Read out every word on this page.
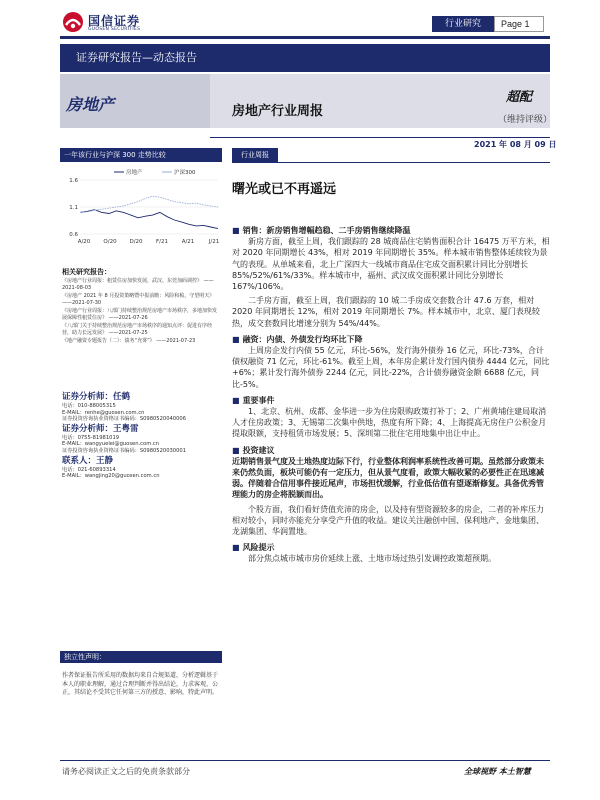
国信证券
GUOSEN SECURITIES
行业研究	Page 1
证券研究报告—动态报告
房地产	房地产行业周报
超配
（维持评级）
2021 年 08 月 09 日
一年该行业与沪深 300 走势比较
1.6
1.1
0.6
A/20 O/20 D/20 F/21 A/21	J/21
房地产	沪深300
相关研究报告：
《房地产行业周报：租赁住房加快发展，武汉、东莞加码调控》 ——2021-08-03
《房地产 2021 年 8 月投资策略暨中报前瞻：风险和梳，守望明天》 ——2021-07-30
《房地产行业周报：八部门持续整治规范房地产市场秩序，多地加快发展保障性租赁住房》 ——2021-07-26
《八部门关于持续整治规范房地产市场秩序的通知点评：促进有序经营，助力长远发展》 ——2021-07-25
《地产融资专题报告（二）：债务“充雾”》 ——2021-07-23
证券分析师：任鹤
电话：010-88005315
E-MAIL：renhe@guosen.com.cn
证券投资咨询执业资格证书编码：S0980520040006
证券分析师：王粤雷
电话：0755-81981019
E-MAIL：wangyuelei@guosen.com.cn
证券投资咨询执业资格证书编码：S0980520030001
联系人：王静
电话：021-60893314
E-MAIL：wangjing20@guosen.com.cn
独立性声明：
作者保证报告所采用的数据均来自合规渠道，分析逻辑基于本人的职业理解，通过合理判断并得出结论，力求客观、公正，其结论不受其它任何第三方的授意、影响，特此声明。
行业周报
曙光或已不再遥远
■ 销售：新房销售增幅趋稳、二手房销售继续降温

新房方面，截至上周，我们跟踪的 28 城商品住宅销售面积合计 16475 万平方米，相对 2020 年同期增长 43%，相对 2019 年同期增长 35%。样本城市销售整体延续较为景气的表现。从单城来看，北上广深四大一线城市商品住宅成交面积累计同比分别增长 85%/52%/61%/33%。样本城市中，福州、武汉成交面积累计同比分别增长 167%/106%。

二手房方面，截至上周，我们跟踪的 10 城二手房成交套数合计 47.6 万套，相对 2020 年同期增长 12%，相对 2019 年同期增长 7%。样本城市中，北京、厦门表现较热，成交套数同比增速分别为 54%/44%。

■ 融资：内债、外债发行均环比下降

上周房企发行内债 55 亿元，环比-56%，发行海外债券 16 亿元，环比-73%，合计债权融资 71 亿元，环比-61%。截至上周，本年房企累计发行国内债券 4444 亿元，同比+6%；累计发行海外债券 2244 亿元，同比-22%，合计债券融资金额 6688 亿元，同比-5%。

■ 重要事件

1、北京、杭州、成都、金华进一步为住房限购政策打补丁；2、广州黄埔住建局取消人才住房政策；3、无锡第二次集中供地，热度有所下降；4、上海提高无房住户公积金月提取限额，支持租赁市场发展；5、深圳第二批住宅用地集中出让中止。

■ 投资建议

近期销售景气度及土地热度边际下行，行业整体利润率系统性改善可期。虽然部分政策未来仍然负面，板块可能仍有一定压力，但从景气度看，政策大幅收紧的必要性正在迅速减弱。伴随着合信用事件接近尾声，市场担忧缓解，行业低估值有望逐渐修复。具备优秀管理能力的房企将脱颖而出。

个股方面，我们看好贷值充沛的房企，以及持有型资源较多的房企，二者的补库压力相对较小，同时亦能充分享受产升值的收益。建议关注融创中国、保利地产、金地集团、龙湖集团、华润置地。

■ 风险提示

部分焦点城市城市房价延续上涨、土地市场过热引发调控政策超预期。

请务必阅读正文之后的免责条款部分	全球视野 本土智慧
